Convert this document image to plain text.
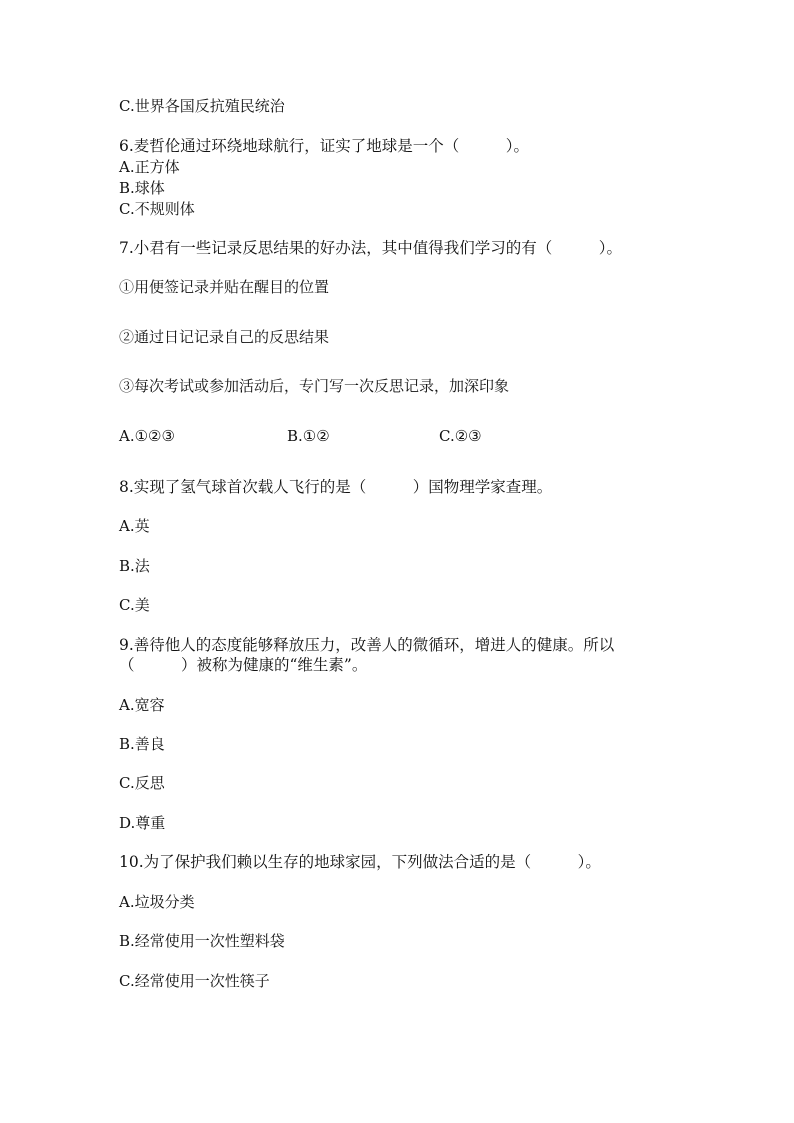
C.世界各国反抗殖民统治
6.麦哲伦通过环绕地球航行，证实了地球是一个（　　　）。
A.正方体
B.球体
C.不规则体
7.小君有一些记录反思结果的好办法，其中值得我们学习的有（　　　）。
①用便签记录并贴在醒目的位置
②通过日记记录自己的反思结果
③每次考试或参加活动后，专门写一次反思记录，加深印象
A.①②③	B.①②	C.②③
8.实现了氢气球首次载人飞行的是（　　　）国物理学家查理。
A.英
B.法
C.美
9.善待他人的态度能够释放压力，改善人的微循环，增进人的健康。所以
（　　　）被称为健康的“维生素”。
A.宽容
B.善良
C.反思
D.尊重
10.为了保护我们赖以生存的地球家园，下列做法合适的是（　　　）。
A.垃圾分类
B.经常使用一次性塑料袋
C.经常使用一次性筷子
